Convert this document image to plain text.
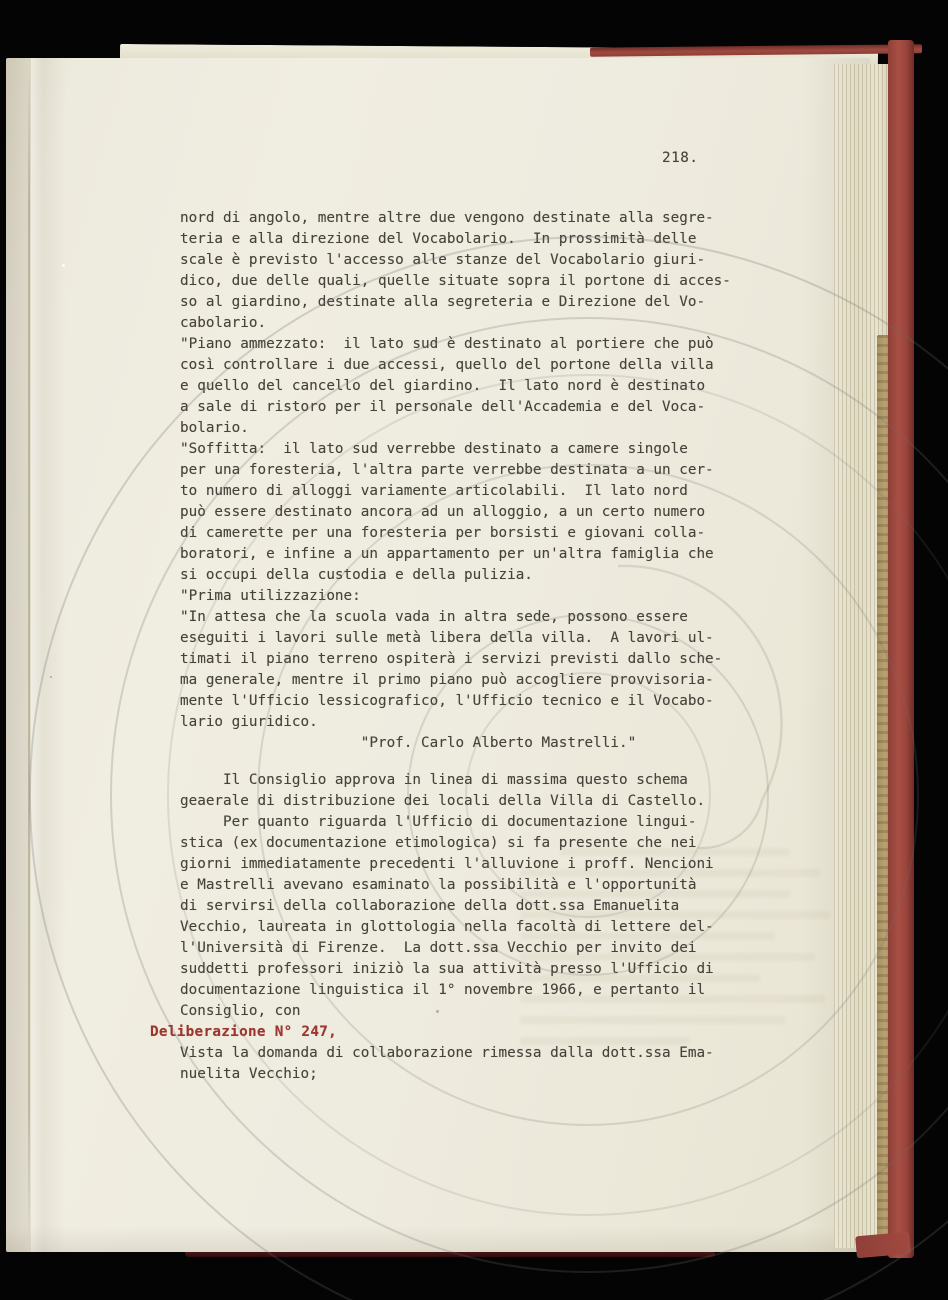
218.
nord di angolo, mentre altre due vengono destinate alla segre-
teria e alla direzione del Vocabolario.  In prossimità delle
scale è previsto l'accesso alle stanze del Vocabolario giuri-
dico, due delle quali, quelle situate sopra il portone di acces-
so al giardino, destinate alla segreteria e Direzione del Vo-
cabolario.
"Piano ammezzato:  il lato sud è destinato al portiere che può
così controllare i due accessi, quello del portone della villa
e quello del cancello del giardino.  Il lato nord è destinato
a sale di ristoro per il personale dell'Accademia e del Voca-
bolario.
"Soffitta:  il lato sud verrebbe destinato a camere singole
per una foresteria, l'altra parte verrebbe destinata a un cer-
to numero di alloggi variamente articolabili.  Il lato nord
può essere destinato ancora ad un alloggio, a un certo numero
di camerette per una foresteria per borsisti e giovani colla-
boratori, e infine a un appartamento per un'altra famiglia che
si occupi della custodia e della pulizia.
"Prima utilizzazione:
"In attesa che la scuola vada in altra sede, possono essere
eseguiti i lavori sulle metà libera della villa.  A lavori ul-
timati il piano terreno ospiterà i servizi previsti dallo sche-
ma generale, mentre il primo piano può accogliere provvisoria-
mente l'Ufficio lessicografico, l'Ufficio tecnico e il Vocabo-
lario giuridico.
"Prof. Carlo Alberto Mastrelli."
Il Consiglio approva in linea di massima questo schema
geaerale di distribuzione dei locali della Villa di Castello.
Per quanto riguarda l'Ufficio di documentazione lingui-
stica (ex documentazione etimologica) si fa presente che nei
giorni immediatamente precedenti l'alluvione i proff. Nencioni
e Mastrelli avevano esaminato la possibilità e l'opportunità
di servirsi della collaborazione della dott.ssa Emanuelita
Vecchio, laureata in glottologia nella facoltà di lettere del-
l'Università di Firenze.  La dott.ssa Vecchio per invito dei
suddetti professori iniziò la sua attività presso l'Ufficio di
documentazione linguistica il 1° novembre 1966, e pertanto il
Consiglio, con
Deliberazione N° 247,
Vista la domanda di collaborazione rimessa dalla dott.ssa Ema-
nuelita Vecchio;
